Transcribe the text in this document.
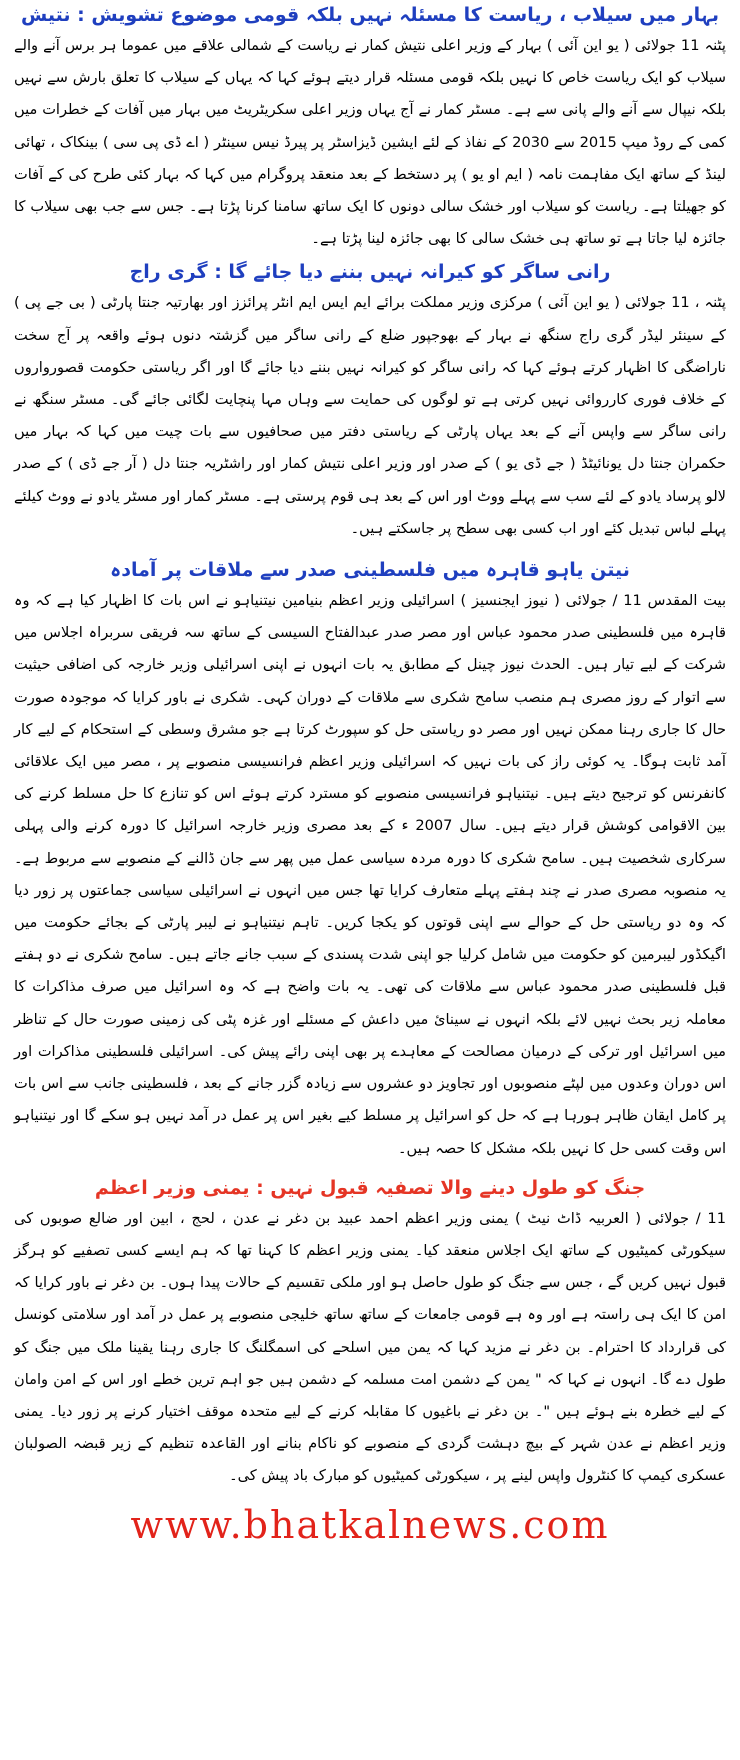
بہار میں سیلاب ، ریاست کا مسئلہ نہیں بلکہ قومی موضوع تشویش : نتیش

پٹنہ 11 جولائی ( یو این آئی ) بہار کے وزیر اعلی نتیش کمار نے ریاست کے شمالی علاقے میں عموما ہر برس آنے والے سیلاب کو ایک ریاست خاص کا نہیں بلکہ قومی مسئلہ قرار دیتے ہوئے کہا کہ یہاں کے سیلاب کا تعلق بارش سے نہیں بلکہ نیپال سے آنے والے پانی سے ہے۔ مسٹر کمار نے آج یہاں وزیر اعلی سکریٹریٹ میں بہار میں آفات کے خطرات میں کمی کے روڈ میپ 2015 سے 2030 کے نفاذ کے لئے ایشین ڈیزاسٹر پر پیرڈ نیس سینٹر ( اے ڈی پی سی ) بینکاک ، تھائی لینڈ کے ساتھ ایک مفاہمت نامہ ( ایم او یو ) پر دستخط کے بعد منعقد پروگرام میں کہا کہ بہار کئی طرح کی کے آفات کو جھیلتا ہے۔ ریاست کو سیلاب اور خشک سالی دونوں کا ایک ساتھ سامنا کرنا پڑتا ہے۔ جس سے جب بھی سیلاب کا جائزہ لیا جاتا ہے تو ساتھ ہی خشک سالی کا بھی جائزہ لینا پڑتا ہے۔

رانی ساگر کو کیرانہ نہیں بننے دیا جائے گا : گری راج

پٹنہ ، 11 جولائی ( یو این آئی ) مرکزی وزیر مملکت برائے ایم ایس ایم انٹر پرائزز اور بھارتیہ جنتا پارٹی ( بی جے پی ) کے سینئر لیڈر گری راج سنگھ نے بہار کے بھوجپور ضلع کے رانی ساگر میں گزشتہ دنوں ہوئے واقعہ پر آج سخت ناراضگی کا اظہار کرتے ہوئے کہا کہ رانی ساگر کو کیرانہ نہیں بننے دیا جائے گا اور اگر ریاستی حکومت قصورواروں کے خلاف فوری کارروائی نہیں کرتی ہے تو لوگوں کی حمایت سے وہاں مہا پنچایت لگائی جائے گی۔ مسٹر سنگھ نے رانی ساگر سے واپس آنے کے بعد یہاں پارٹی کے ریاستی دفتر میں صحافیوں سے بات چیت میں کہا کہ بہار میں حکمران جنتا دل یونائیٹڈ ( جے ڈی یو ) کے صدر اور وزیر اعلی نتیش کمار اور راشٹریہ جنتا دل ( آر جے ڈی ) کے صدر لالو پرساد یادو کے لئے سب سے پہلے ووٹ اور اس کے بعد ہی قوم پرستی ہے۔ مسٹر کمار اور مسٹر یادو نے ووٹ کیلئے پہلے لباس تبدیل کئے اور اب کسی بھی سطح پر جاسکتے ہیں۔

نیتن یاہو قاہرہ میں فلسطینی صدر سے ملاقات پر آمادہ

بیت المقدس 11 / جولائی ( نیوز ایجنسیز ) اسرائیلی وزیر اعظم بنیامین نیتنیاہو نے اس بات کا اظہار کیا ہے کہ وہ قاہرہ میں فلسطینی صدر محمود عباس اور مصر صدر عبدالفتاح السیسی کے ساتھ سہ فریقی سربراہ اجلاس میں شرکت کے لیے تیار ہیں۔ الحدث نیوز چینل کے مطابق یہ بات انہوں نے اپنی اسرائیلی وزیر خارجہ کی اضافی حیثیت سے اتوار کے روز مصری ہم منصب سامح شکری سے ملاقات کے دوران کہی۔ شکری نے باور کرایا کہ موجودہ صورت حال کا جاری رہنا ممکن نہیں اور مصر دو ریاستی حل کو سپورٹ کرتا ہے جو مشرق وسطی کے استحکام کے لیے کار آمد ثابت ہوگا۔ یہ کوئی راز کی بات نہیں کہ اسرائیلی وزیر اعظم فرانسیسی منصوبے پر ، مصر میں ایک علاقائی کانفرنس کو ترجیح دیتے ہیں۔ نیتنیاہو فرانسیسی منصوبے کو مسترد کرتے ہوئے اس کو تنازع کا حل مسلط کرنے کی بین الاقوامی کوشش قرار دیتے ہیں۔ سال 2007 ء کے بعد مصری وزیر خارجہ اسرائیل کا دورہ کرنے والی پہلی سرکاری شخصیت ہیں۔ سامح شکری کا دورہ مردہ سیاسی عمل میں پھر سے جان ڈالنے کے منصوبے سے مربوط ہے۔ یہ منصوبہ مصری صدر نے چند ہفتے پہلے متعارف کرایا تھا جس میں انہوں نے اسرائیلی سیاسی جماعتوں پر زور دیا کہ وہ دو ریاستی حل کے حوالے سے اپنی قوتوں کو یکجا کریں۔ تاہم نیتنیاہو نے لیبر پارٹی کے بجائے حکومت میں اگیکڈور لیبرمین کو حکومت میں شامل کرلیا جو اپنی شدت پسندی کے سبب جانے جاتے ہیں۔ سامح شکری نے دو ہفتے قبل فلسطینی صدر محمود عباس سے ملاقات کی تھی۔ یہ بات واضح ہے کہ وہ اسرائیل میں صرف مذاکرات کا معاملہ زیر بحث نہیں لائے بلکہ انہوں نے سینائ میں داعش کے مسئلے اور غزہ پٹی کی زمینی صورت حال کے تناظر میں اسرائیل اور ترکی کے درمیان مصالحت کے معاہدے پر بھی اپنی رائے پیش کی۔ اسرائیلی فلسطینی مذاکرات اور اس دوران وعدوں میں لپٹے منصوبوں اور تجاویز دو عشروں سے زیادہ گزر جانے کے بعد ، فلسطینی جانب سے اس بات پر کامل ایقان ظاہر ہورہا ہے کہ حل کو اسرائیل پر مسلط کیے بغیر اس پر عمل در آمد نہیں ہو سکے گا اور نیتنیاہو اس وقت کسی حل کا نہیں بلکہ مشکل کا حصہ ہیں۔

جنگ کو طول دینے والا تصفیہ قبول نہیں : یمنی وزیر اعظم

11 / جولائی ( العربیہ ڈاٹ نیٹ ) یمنی وزیر اعظم احمد عبید بن دغر نے عدن ، لحج ، ابین اور ضالع صوبوں کی سیکورٹی کمیٹیوں کے ساتھ ایک اجلاس منعقد کیا۔ یمنی وزیر اعظم کا کہنا تھا کہ ہم ایسے کسی تصفیے کو ہرگز قبول نہیں کریں گے ، جس سے جنگ کو طول حاصل ہو اور ملکی تقسیم کے حالات پیدا ہوں۔ بن دغر نے باور کرایا کہ امن کا ایک ہی راستہ ہے اور وہ ہے قومی جامعات کے ساتھ ساتھ خلیجی منصوبے پر عمل در آمد اور سلامتی کونسل کی قرارداد کا احترام۔ بن دغر نے مزید کہا کہ یمن میں اسلحے کی اسمگلنگ کا جاری رہنا یقینا ملک میں جنگ کو طول دے گا۔ انہوں نے کہا کہ " یمن کے دشمن امت مسلمہ کے دشمن ہیں جو اہم ترین خطے اور اس کے امن وامان کے لیے خطرہ بنے ہوئے ہیں "۔ بن دغر نے باغیوں کا مقابلہ کرنے کے لیے متحدہ موقف اختیار کرنے پر زور دیا۔ یمنی وزیر اعظم نے عدن شہر کے بیچ دہشت گردی کے منصوبے کو ناکام بنانے اور القاعدہ تنظیم کے زیر قبضہ الصولبان عسکری کیمپ کا کنٹرول واپس لینے پر ، سیکورٹی کمیٹیوں کو مبارک باد پیش کی۔

www.bhatkalnews.com
